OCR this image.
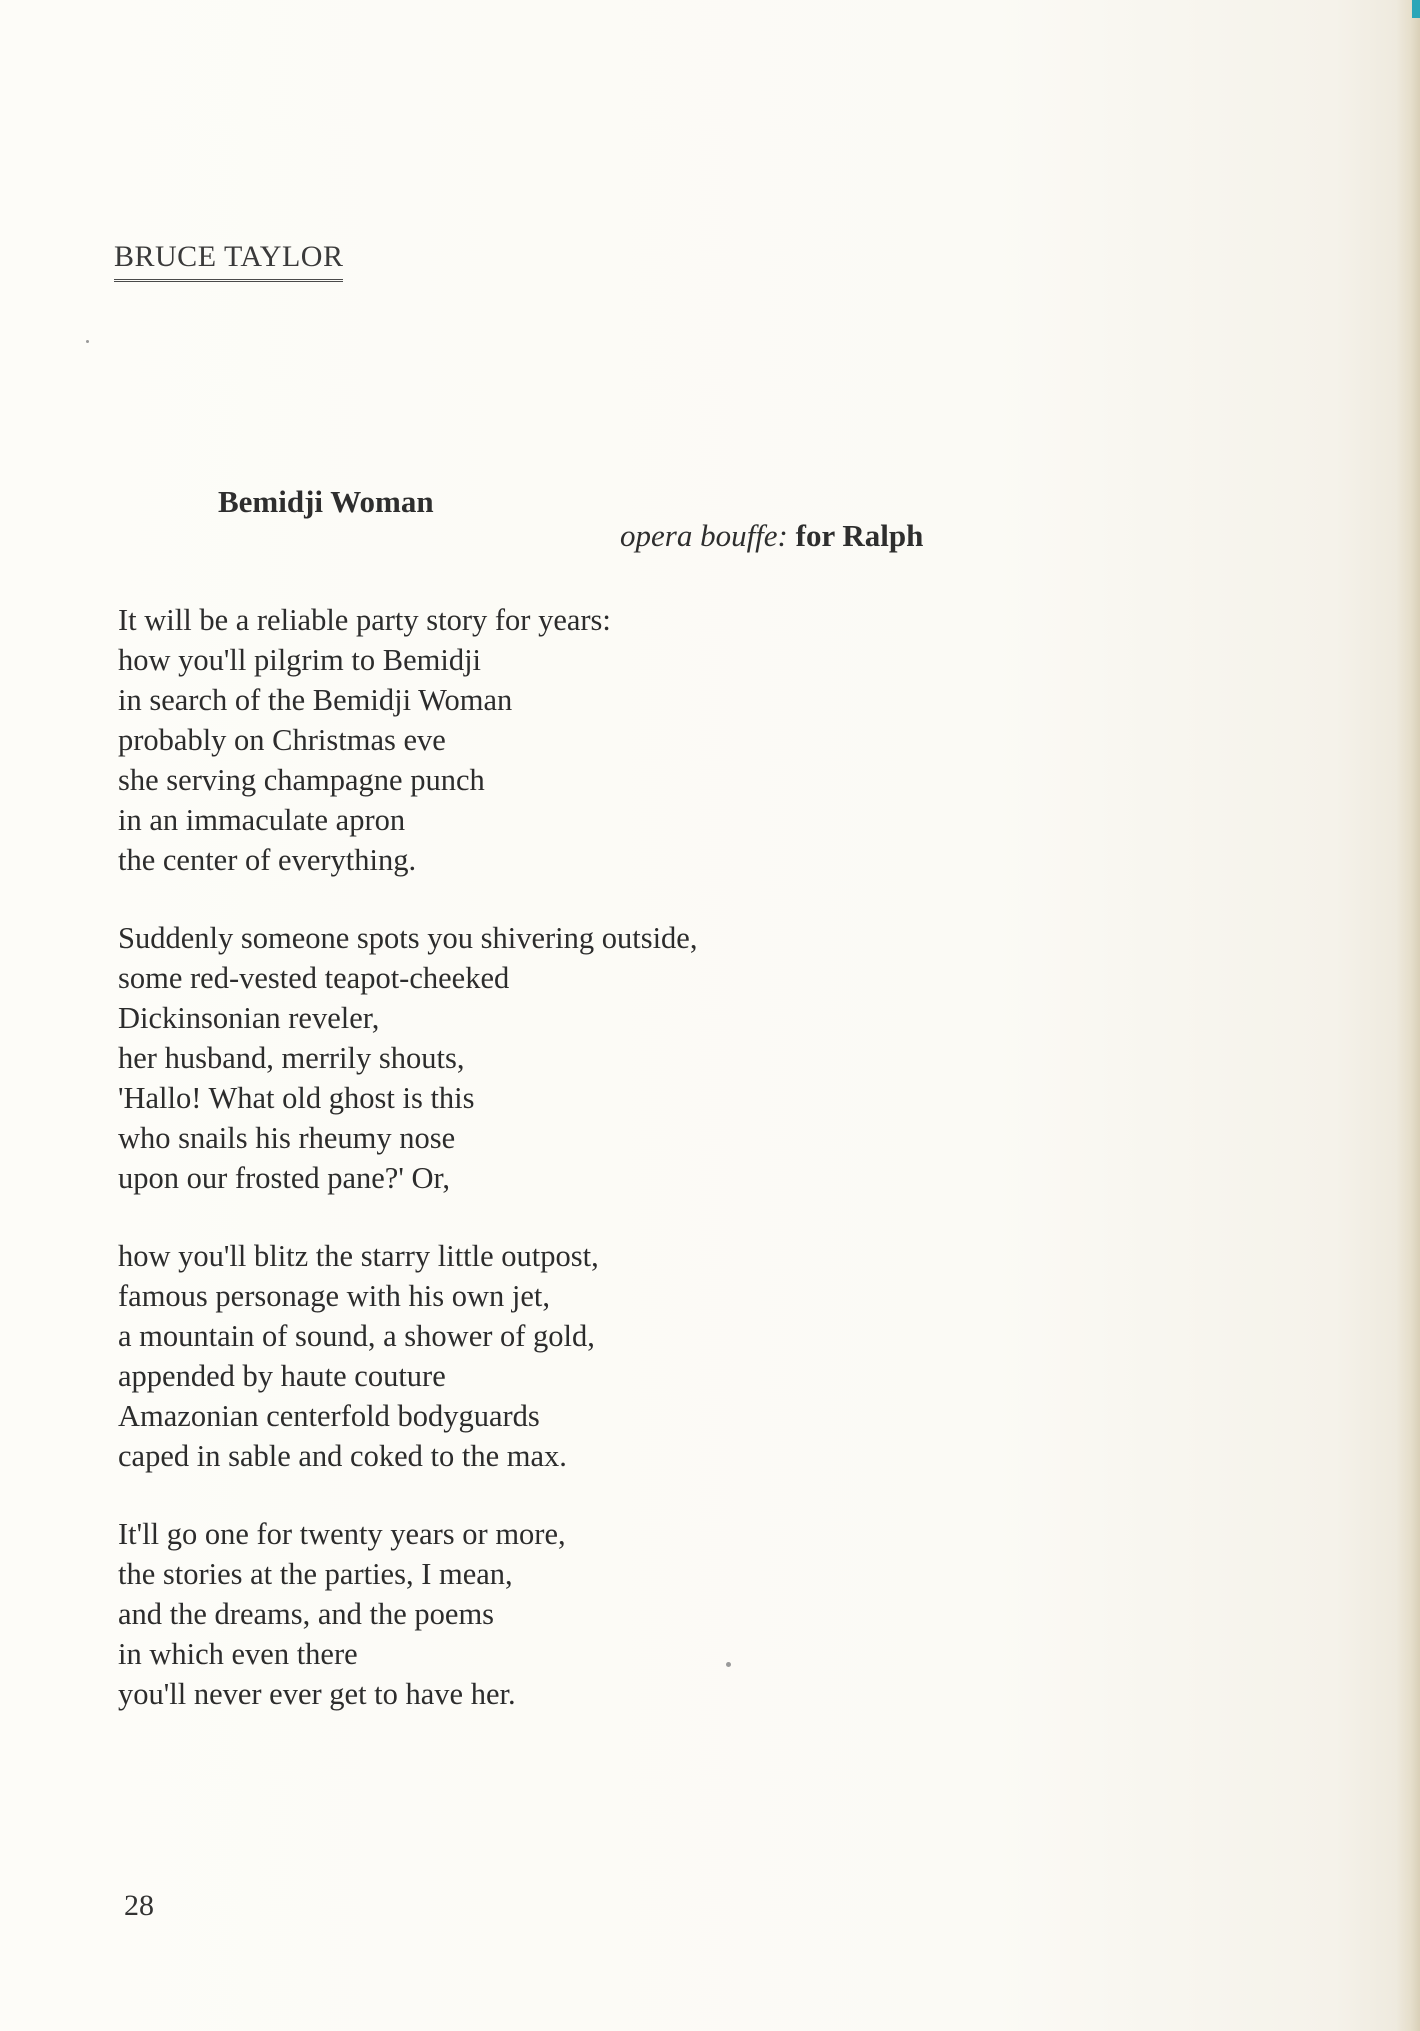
BRUCE TAYLOR
Bemidji Woman
opera bouffe: for Ralph
It will be a reliable party story for years:
how you'll pilgrim to Bemidji
in search of the Bemidji Woman
probably on Christmas eve
she serving champagne punch
in an immaculate apron
the center of everything.
Suddenly someone spots you shivering outside,
some red-vested teapot-cheeked
Dickinsonian reveler,
her husband, merrily shouts,
'Hallo! What old ghost is this
who snails his rheumy nose
upon our frosted pane?' Or,
how you'll blitz the starry little outpost,
famous personage with his own jet,
a mountain of sound, a shower of gold,
appended by haute couture
Amazonian centerfold bodyguards
caped in sable and coked to the max.
It'll go one for twenty years or more,
the stories at the parties, I mean,
and the dreams, and the poems
in which even there
you'll never ever get to have her.
28
